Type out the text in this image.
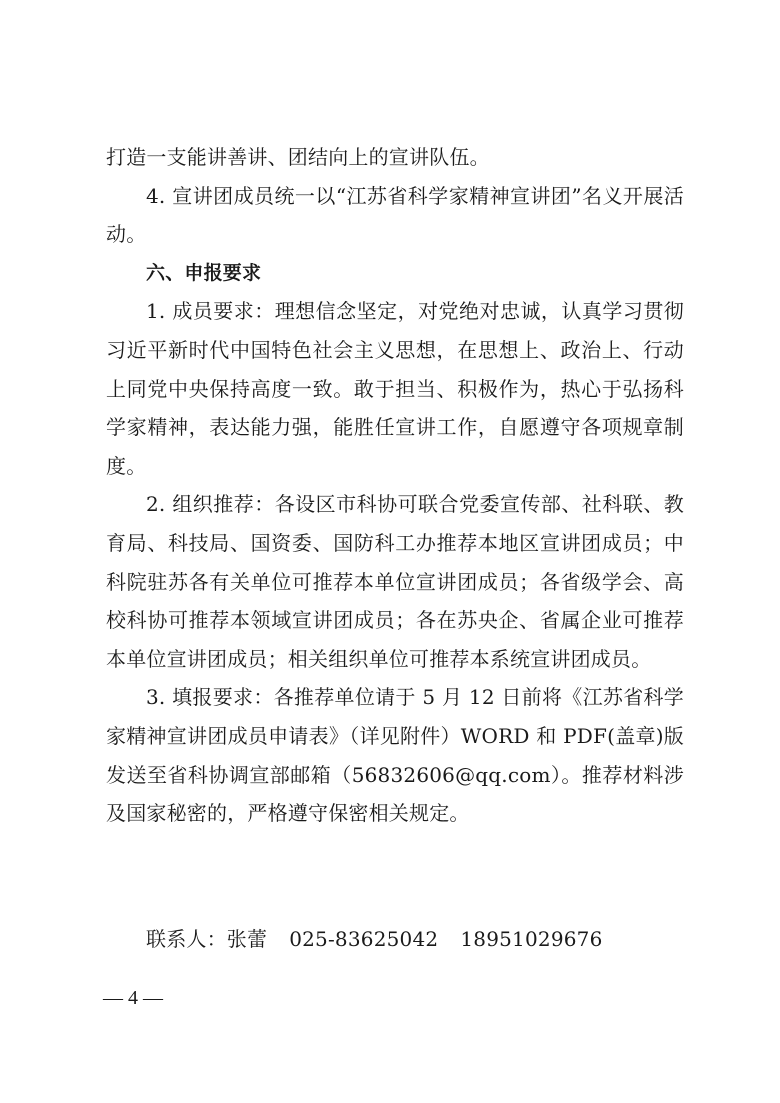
打造一支能讲善讲、团结向上的宣讲队伍。

4. 宣讲团成员统一以“江苏省科学家精神宣讲团”名义开展活动。

六、申报要求

1. 成员要求：理想信念坚定，对党绝对忠诚，认真学习贯彻习近平新时代中国特色社会主义思想，在思想上、政治上、行动上同党中央保持高度一致。敢于担当、积极作为，热心于弘扬科学家精神，表达能力强，能胜任宣讲工作，自愿遵守各项规章制度。

2. 组织推荐：各设区市科协可联合党委宣传部、社科联、教育局、科技局、国资委、国防科工办推荐本地区宣讲团成员；中科院驻苏各有关单位可推荐本单位宣讲团成员；各省级学会、高校科协可推荐本领域宣讲团成员；各在苏央企、省属企业可推荐本单位宣讲团成员；相关组织单位可推荐本系统宣讲团成员。

3. 填报要求：各推荐单位请于 5 月 12 日前将《江苏省科学家精神宣讲团成员申请表》（详见附件）WORD 和 PDF(盖章)版发送至省科协调宣部邮箱（56832606@qq.com）。推荐材料涉及国家秘密的，严格遵守保密相关规定。

联系人：张蕾 025-83625042 18951029676
— 4 —
